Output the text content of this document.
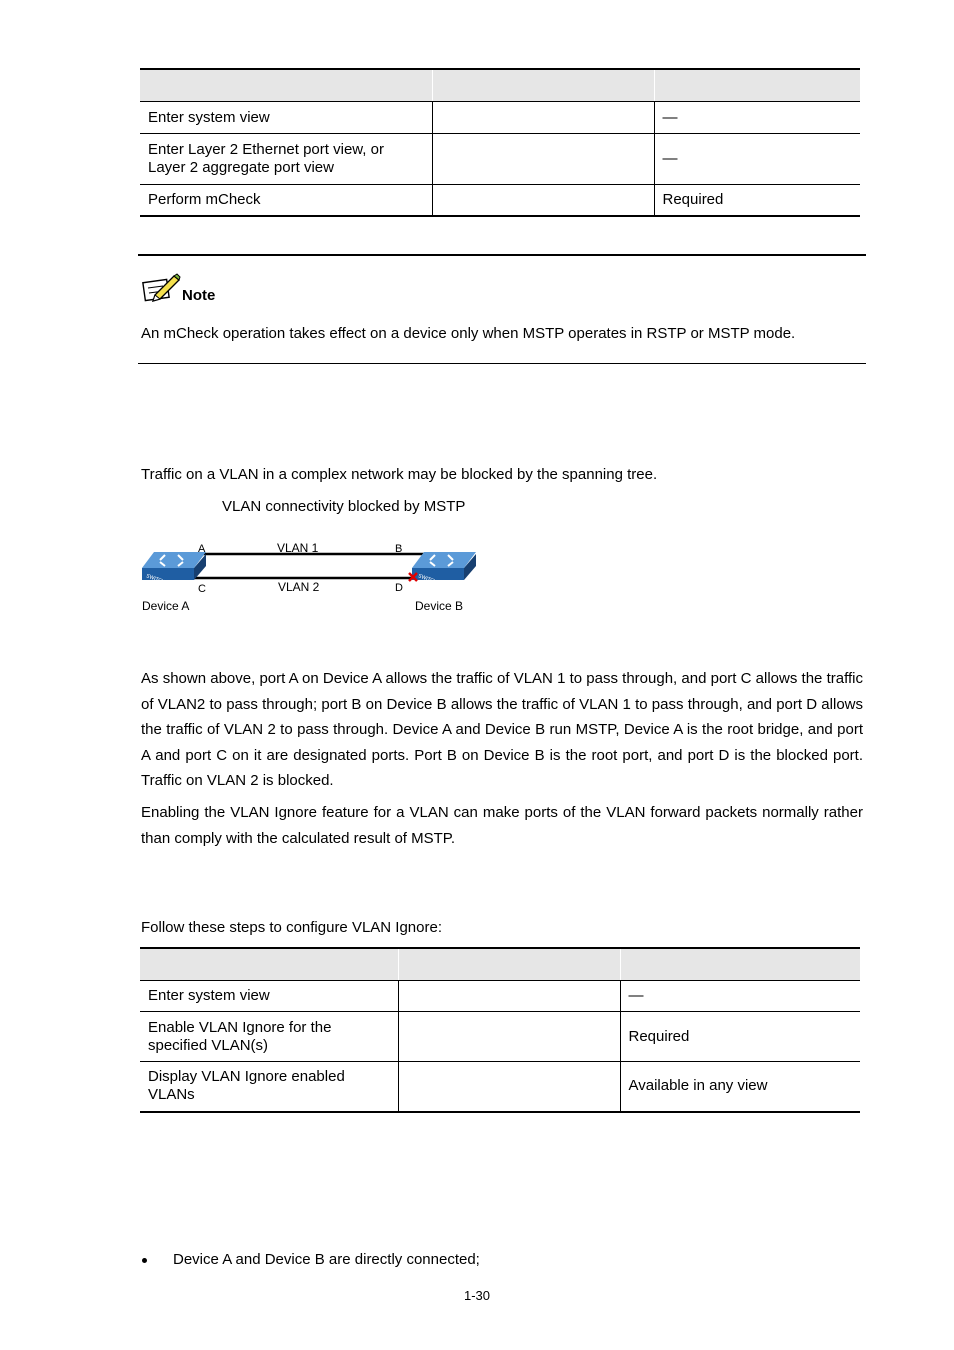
Enter system view		—
Enter Layer 2 Ethernet port view, or Layer 2 aggregate port view		—
Perform mCheck		Required
Note
An mCheck operation takes effect on a device only when MSTP operates in RSTP or MSTP mode.
Traffic on a VLAN in a complex network may be blocked by the spanning tree.
VLAN connectivity blocked by MSTP
SWITCH	SWITCH
A	B
C	D
VLAN 1
VLAN 2
Device A	Device B
As shown above, port A on Device A allows the traffic of VLAN 1 to pass through, and port C allows the traffic of VLAN2 to pass through; port B on Device B allows the traffic of VLAN 1 to pass through, and port D allows the traffic of VLAN 2 to pass through. Device A and Device B run MSTP, Device A is the root bridge, and port A and port C on it are designated ports. Port B on Device B is the root port, and port D is the blocked port. Traffic on VLAN 2 is blocked.
Enabling the VLAN Ignore feature for a VLAN can make ports of the VLAN forward packets normally rather than comply with the calculated result of MSTP.
Follow these steps to configure VLAN Ignore:

Enter system view		—
Enable VLAN Ignore for the specified VLAN(s)		Required
Display VLAN Ignore enabled VLANs		Available in any view
Device A and Device B are directly connected;
1-30
